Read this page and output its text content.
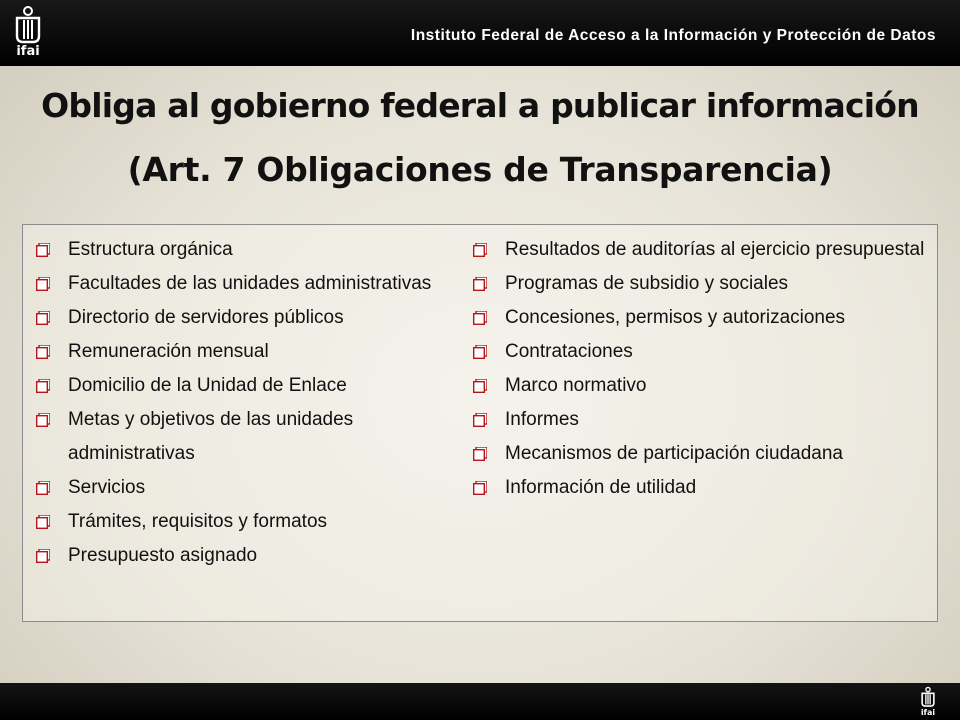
ifai
Instituto Federal de Acceso a la Información y Protección de Datos
Obliga al gobierno federal a publicar información
(Art. 7 Obligaciones de Transparencia)
Estructura orgánica
Facultades de las unidades administrativas
Directorio de servidores públicos
Remuneración mensual
Domicilio de la Unidad de Enlace
Metas y objetivos de las unidades administrativas
Servicios
Trámites, requisitos y formatos
Presupuesto asignado
Resultados de auditorías al ejercicio presupuestal
Programas de subsidio y sociales
Concesiones, permisos y autorizaciones
Contrataciones
Marco normativo
Informes
Mecanismos de participación ciudadana
Información de utilidad
ifai
